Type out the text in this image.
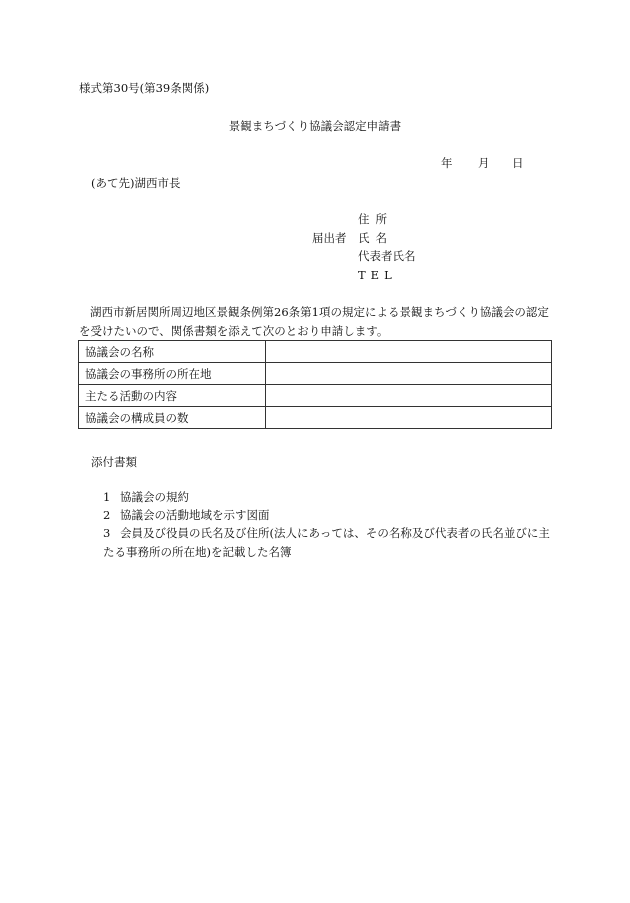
様式第30号(第39条関係)
景観まちづくり協議会認定申請書
年 月 日
(あて先)湖西市長
届出者
住所
氏名
代表者氏名
TEL
湖西市新居関所周辺地区景観条例第26条第1項の規定による景観まちづくり協議会の認定を受けたいので、関係書類を添えて次のとおり申請します。
協議会の名称	
協議会の事務所の所在地	
主たる活動の内容	
協議会の構成員の数	
添付書類
1 協議会の規約
2 協議会の活動地域を示す図面
3 会員及び役員の氏名及び住所(法人にあっては、その名称及び代表者の氏名並びに主たる事務所の所在地)を記載した名簿
